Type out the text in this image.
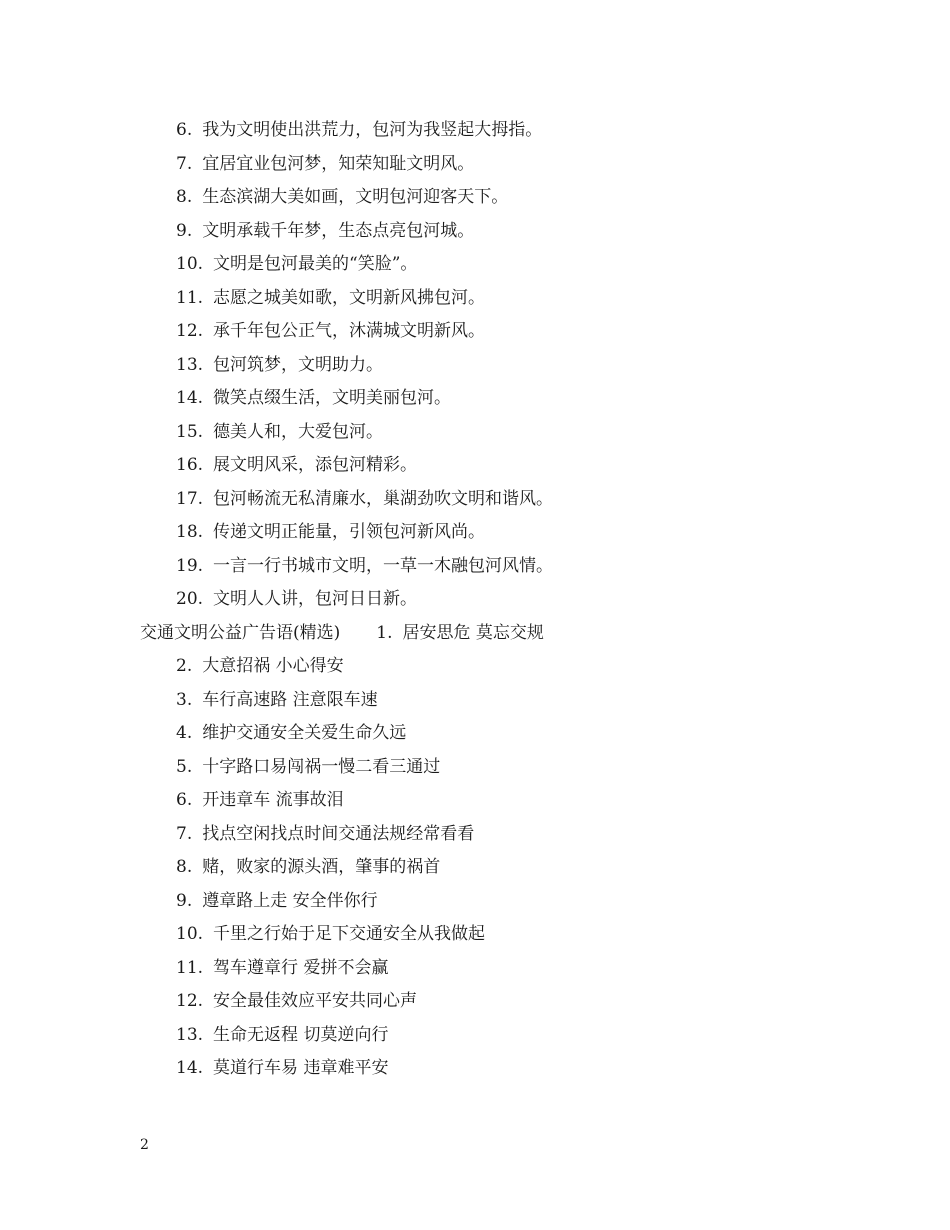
6. 我为文明使出洪荒力，包河为我竖起大拇指。
7. 宜居宜业包河梦，知荣知耻文明风。
8. 生态滨湖大美如画，文明包河迎客天下。
9. 文明承载千年梦，生态点亮包河城。
10. 文明是包河最美的“笑脸”。
11. 志愿之城美如歌，文明新风拂包河。
12. 承千年包公正气，沐满城文明新风。
13. 包河筑梦，文明助力。
14. 微笑点缀生活，文明美丽包河。
15. 德美人和，大爱包河。
16. 展文明风采，添包河精彩。
17. 包河畅流无私清廉水，巢湖劲吹文明和谐风。
18. 传递文明正能量，引领包河新风尚。
19. 一言一行书城市文明，一草一木融包河风情。
20. 文明人人讲，包河日日新。
交通文明公益广告语(精选) 1. 居安思危 莫忘交规
2. 大意招祸 小心得安
3. 车行高速路 注意限车速
4. 维护交通安全关爱生命久远
5. 十字路口易闯祸一慢二看三通过
6. 开违章车 流事故泪
7. 找点空闲找点时间交通法规经常看看
8. 赌，败家的源头酒，肇事的祸首
9. 遵章路上走 安全伴你行
10. 千里之行始于足下交通安全从我做起
11. 驾车遵章行 爱拼不会赢
12. 安全最佳效应平安共同心声
13. 生命无返程 切莫逆向行
14. 莫道行车易 违章难平安
2
